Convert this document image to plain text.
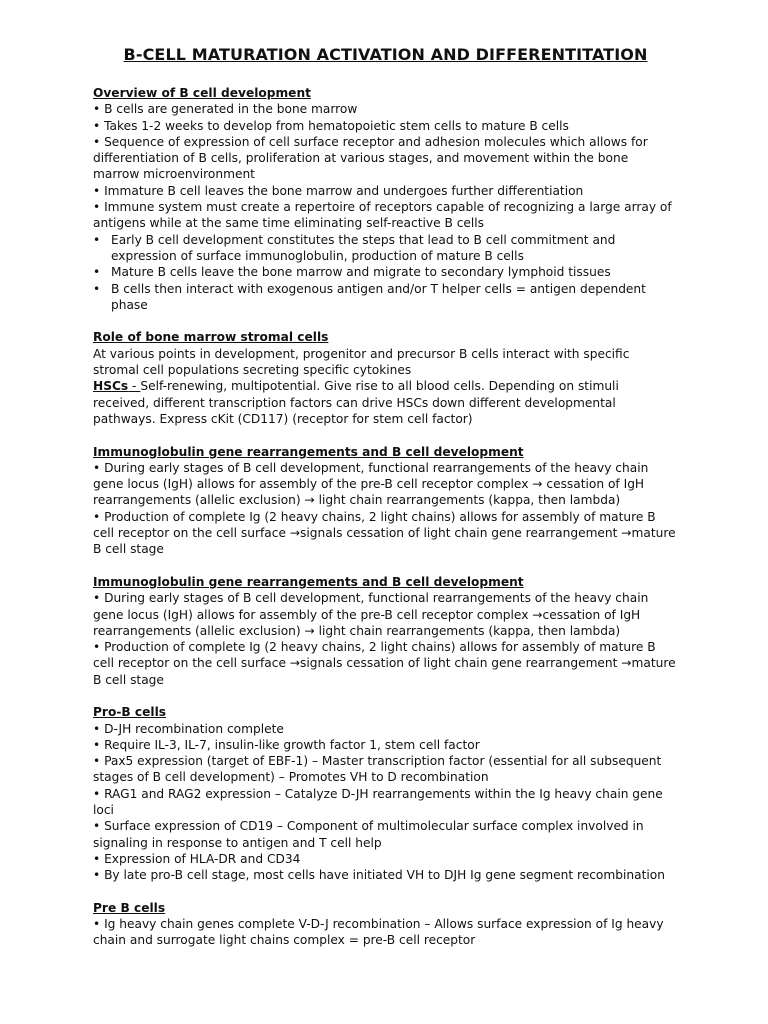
B-CELL MATURATION ACTIVATION AND DIFFERENTITATION

Overview of B cell development

• B cells are generated in the bone marrow

• Takes 1-2 weeks to develop from hematopoietic stem cells to mature B cells

• Sequence of expression of cell surface receptor and adhesion molecules which allows for differentiation of B cells, proliferation at various stages, and movement within the bone marrow microenvironment

• Immature B cell leaves the bone marrow and undergoes further differentiation

• Immune system must create a repertoire of receptors capable of recognizing a large array of antigens while at the same time eliminating self-reactive B cells

• Early B cell development constitutes the steps that lead to B cell commitment and expression of surface immunoglobulin, production of mature B cells
• Mature B cells leave the bone marrow and migrate to secondary lymphoid tissues
• B cells then interact with exogenous antigen and/or T helper cells = antigen dependent phase

Role of bone marrow stromal cells

At various points in development, progenitor and precursor B cells interact with specific stromal cell populations secreting specific cytokines

HSCs - Self-renewing, multipotential. Give rise to all blood cells. Depending on stimuli received, different transcription factors can drive HSCs down different developmental pathways. Express cKit (CD117) (receptor for stem cell factor)

Immunoglobulin gene rearrangements and B cell development

• During early stages of B cell development, functional rearrangements of the heavy chain gene locus (IgH) allows for assembly of the pre-B cell receptor complex → cessation of IgH rearrangements (allelic exclusion) → light chain rearrangements (kappa, then lambda)

• Production of complete Ig (2 heavy chains, 2 light chains) allows for assembly of mature B cell receptor on the cell surface →signals cessation of light chain gene rearrangement →mature B cell stage

Immunoglobulin gene rearrangements and B cell development

• During early stages of B cell development, functional rearrangements of the heavy chain gene locus (IgH) allows for assembly of the pre-B cell receptor complex →cessation of IgH rearrangements (allelic exclusion) → light chain rearrangements (kappa, then lambda)

• Production of complete Ig (2 heavy chains, 2 light chains) allows for assembly of mature B cell receptor on the cell surface →signals cessation of light chain gene rearrangement →mature B cell stage

Pro-B cells

• D-JH recombination complete

• Require IL-3, IL-7, insulin-like growth factor 1, stem cell factor

• Pax5 expression (target of EBF-1) – Master transcription factor (essential for all subsequent stages of B cell development) – Promotes VH to D recombination

• RAG1 and RAG2 expression – Catalyze D-JH rearrangements within the Ig heavy chain gene loci

• Surface expression of CD19 – Component of multimolecular surface complex involved in signaling in response to antigen and T cell help

• Expression of HLA-DR and CD34

• By late pro-B cell stage, most cells have initiated VH to DJH Ig gene segment recombination

Pre B cells

• Ig heavy chain genes complete V-D-J recombination – Allows surface expression of Ig heavy chain and surrogate light chains complex = pre-B cell receptor
